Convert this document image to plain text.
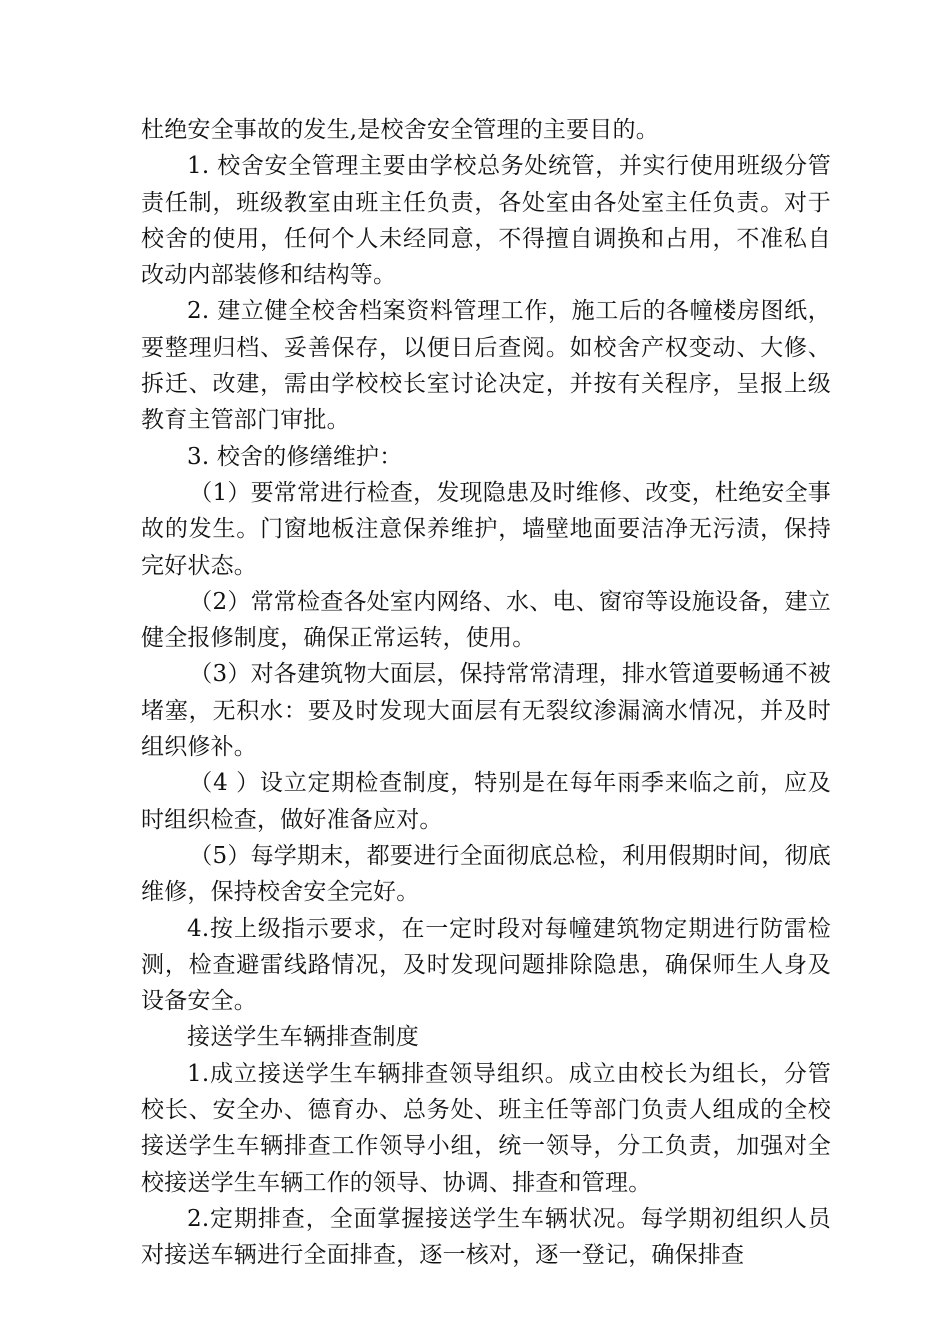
杜绝安全事故的发生,是校舍安全管理的主要目的。

1. 校舍安全管理主要由学校总务处统管，并实行使用班级分管责任制，班级教室由班主任负责，各处室由各处室主任负责。对于校舍的使用，任何个人未经同意，不得擅自调换和占用，不准私自改动内部装修和结构等。

2. 建立健全校舍档案资料管理工作，施工后的各幢楼房图纸，要整理归档、妥善保存，以便日后查阅。如校舍产权变动、大修、拆迁、改建，需由学校校长室讨论决定，并按有关程序，呈报上级教育主管部门审批。

3. 校舍的修缮维护：

（1）要常常进行检查，发现隐患及时维修、改变，杜绝安全事故的发生。门窗地板注意保养维护，墙壁地面要洁净无污渍，保持完好状态。

（2）常常检查各处室内网络、水、电、窗帘等设施设备，建立健全报修制度，确保正常运转，使用。

（3）对各建筑物大面层，保持常常清理，排水管道要畅通不被堵塞，无积水：要及时发现大面层有无裂纹渗漏滴水情况，并及时组织修补。

（4 ）设立定期检查制度，特别是在每年雨季来临之前，应及时组织检查，做好准备应对。

（5）每学期末，都要进行全面彻底总检，利用假期时间，彻底维修，保持校舍安全完好。

4.按上级指示要求，在一定时段对每幢建筑物定期进行防雷检测，检查避雷线路情况，及时发现问题排除隐患，确保师生人身及设备安全。

接送学生车辆排查制度

1.成立接送学生车辆排查领导组织。成立由校长为组长，分管校长、安全办、德育办、总务处、班主任等部门负责人组成的全校接送学生车辆排查工作领导小组，统一领导，分工负责，加强对全校接送学生车辆工作的领导、协调、排查和管理。

2.定期排查，全面掌握接送学生车辆状况。每学期初组织人员对接送车辆进行全面排查，逐一核对，逐一登记，确保排查
